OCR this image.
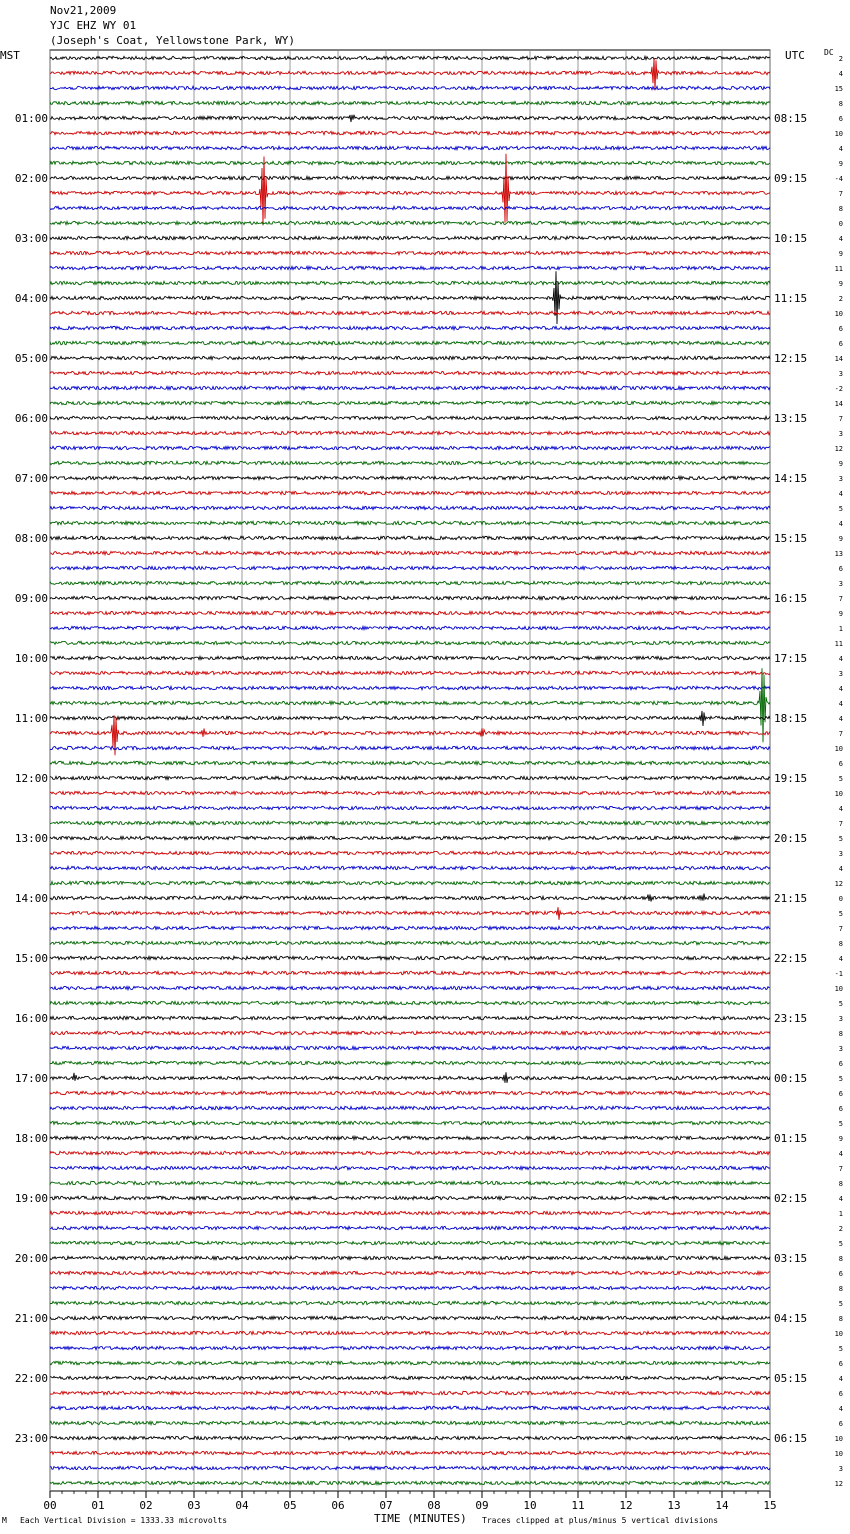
Nov21,2009
YJC EHZ WY 01
(Joseph's Coat, Yellowstone Park, WY)
MST	UTC DC
00	01	02	03	04	05	06	07	08	09	10	11	12	13	14	15
2
4
15
8
6
10
4
9
-4
7
8
0
4
9
11
9
2
10
6
6
14
3
-2
14
7
3
12
9
3
4
5
4
9
13
6
3
7
9
1
11
4
3
4
4
4
7
10
6
5
10
4
7
5
3
4
12
0
5
7
8
4
-1
10
5
3
8
3
6
5
6
6
5
9
4
7
8
4
1
2
5
8
6
8
5
8
10
5
6
4
6
4
6
10
10
3
12
01:00
02:00
03:00
04:00
05:00
06:00
07:00
08:00
09:00
10:00
11:00
12:00
13:00
14:00
15:00
16:00
17:00
18:00
19:00
20:00
21:00
22:00
23:00
08:15
09:15
10:15
11:15
12:15
13:15
14:15
15:15
16:15
17:15
18:15
19:15
20:15
21:15
22:15
23:15
00:15
01:15
02:15
03:15
04:15
05:15
06:15
M Each Vertical Division = 1333.33 microvolts	TIME (MINUTES) Traces clipped at plus/minus 5 vertical divisions
